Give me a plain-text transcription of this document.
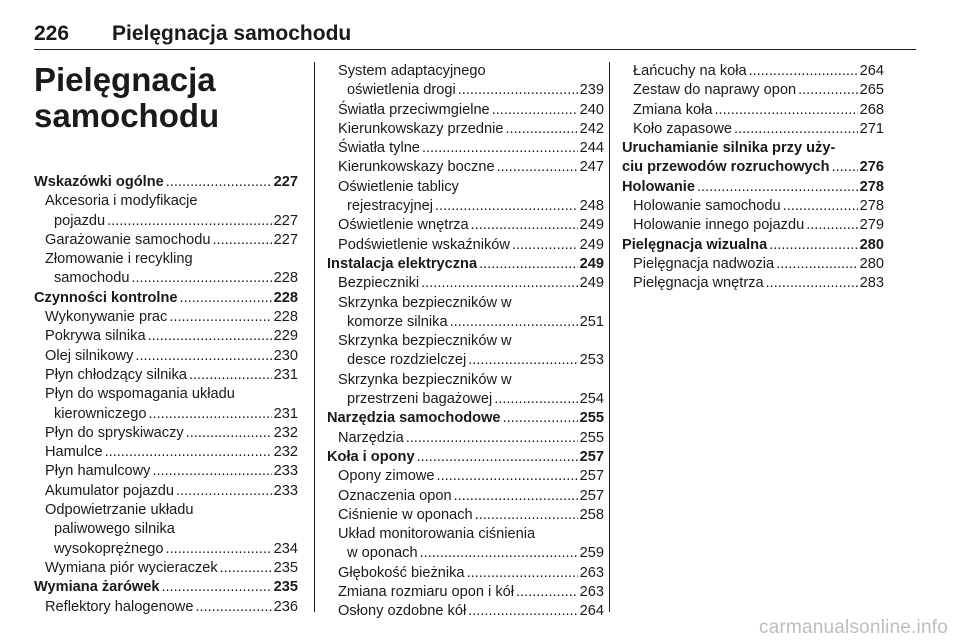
226 Pielęgnacja samochodu
Pielęgnacja
samochodu
Wskazówki ogólne .....	227
Akcesoria i modyfikacje
pojazdu .....	227
Garażowanie samochodu .....	227
Złomowanie i recykling
samochodu .....	228
Czynności kontrolne .....	228
Wykonywanie prac .....	228
Pokrywa silnika .....	229
Olej silnikowy .....	230
Płyn chłodzący silnika .....	231
Płyn do wspomagania układu
kierowniczego .....	231
Płyn do spryskiwaczy .....	232
Hamulce .....	232
Płyn hamulcowy .....	233
Akumulator pojazdu .....	233
Odpowietrzanie układu
paliwowego silnika
wysokoprężnego .....	234
Wymiana piór wycieraczek .....	235
Wymiana żarówek .....	235
Reflektory halogenowe .....	236
System adaptacyjnego
oświetlenia drogi .....	239
Światła przeciwmgielne .....	240
Kierunkowskazy przednie .....	242
Światła tylne .....	244
Kierunkowskazy boczne .....	247
Oświetlenie tablicy
rejestracyjnej .....	248
Oświetlenie wnętrza .....	249
Podświetlenie wskaźników .....	249
Instalacja elektryczna .....	249
Bezpieczniki .....	249
Skrzynka bezpieczników w
komorze silnika .....	251
Skrzynka bezpieczników w
desce rozdzielczej .....	253
Skrzynka bezpieczników w
przestrzeni bagażowej .....	254
Narzędzia samochodowe .....	255
Narzędzia .....	255
Koła i opony .....	257
Opony zimowe .....	257
Oznaczenia opon .....	257
Ciśnienie w oponach .....	258
Układ monitorowania ciśnienia
w oponach .....	259
Głębokość bieżnika .....	263
Zmiana rozmiaru opon i kół .....	263
Osłony ozdobne kół .....	264
Łańcuchy na koła .....	264
Zestaw do naprawy opon .....	265
Zmiana koła .....	268
Koło zapasowe .....	271
Uruchamianie silnika przy uży-
ciu przewodów rozruchowych ..... 276
Holowanie .....	278
Holowanie samochodu .....	278
Holowanie innego pojazdu .....	279
Pielęgnacja wizualna .....	280
Pielęgnacja nadwozia .....	280
Pielęgnacja wnętrza .....	283
carmanualsonline.info
